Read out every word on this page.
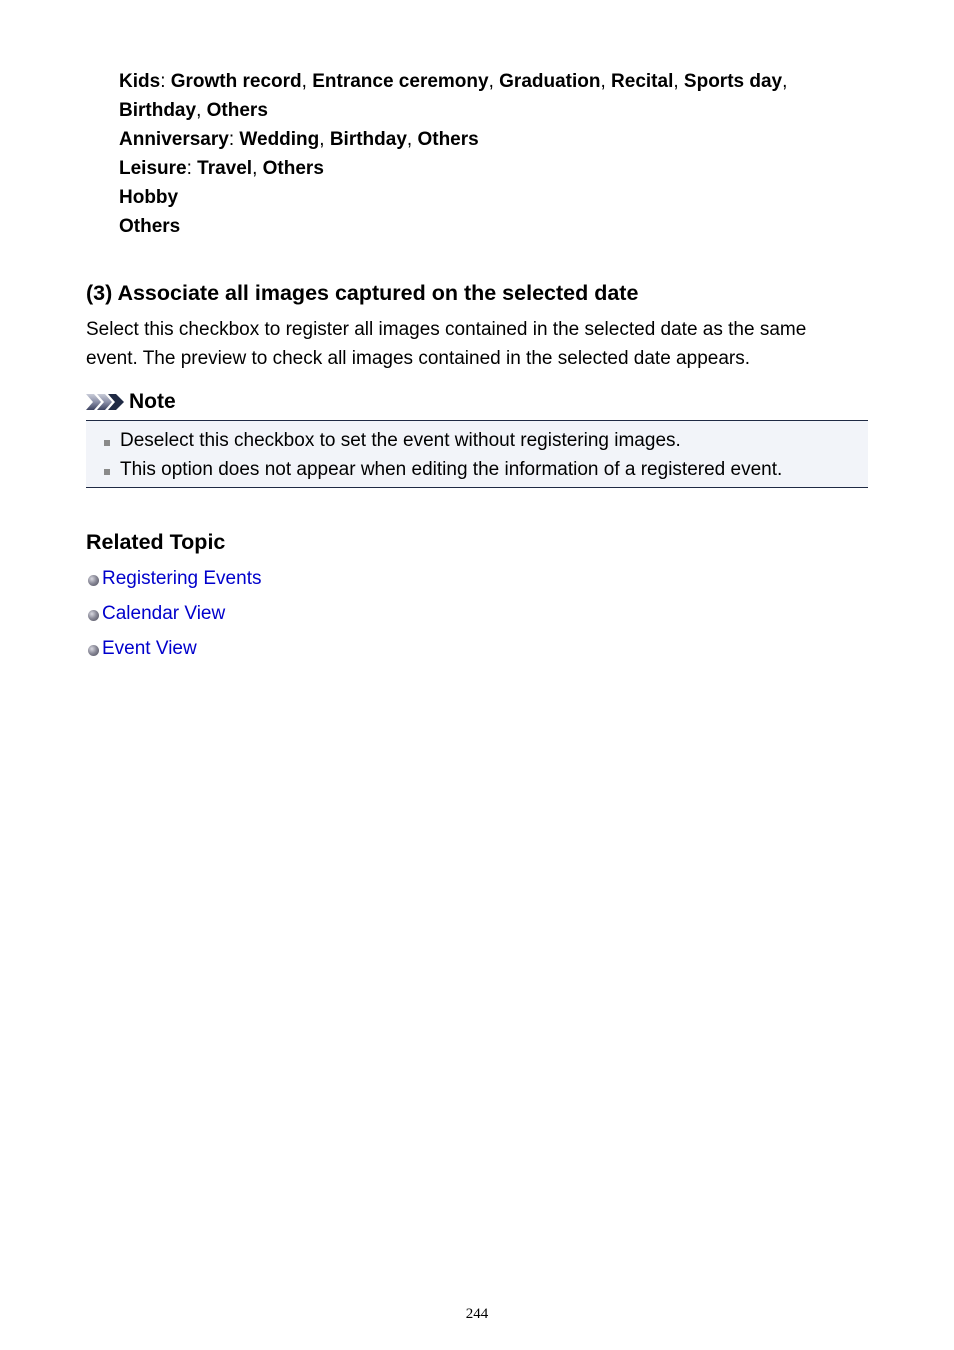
Kids: Growth record, Entrance ceremony, Graduation, Recital, Sports day,
Birthday, Others
Anniversary: Wedding, Birthday, Others
Leisure: Travel, Others
Hobby
Others
(3) Associate all images captured on the selected date

Select this checkbox to register all images contained in the selected date as the same
event. The preview to check all images contained in the selected date appears.

Note
Deselect this checkbox to set the event without registering images.
This option does not appear when editing the information of a registered event.
Related Topic
Registering Events
Calendar View
Event View
244
